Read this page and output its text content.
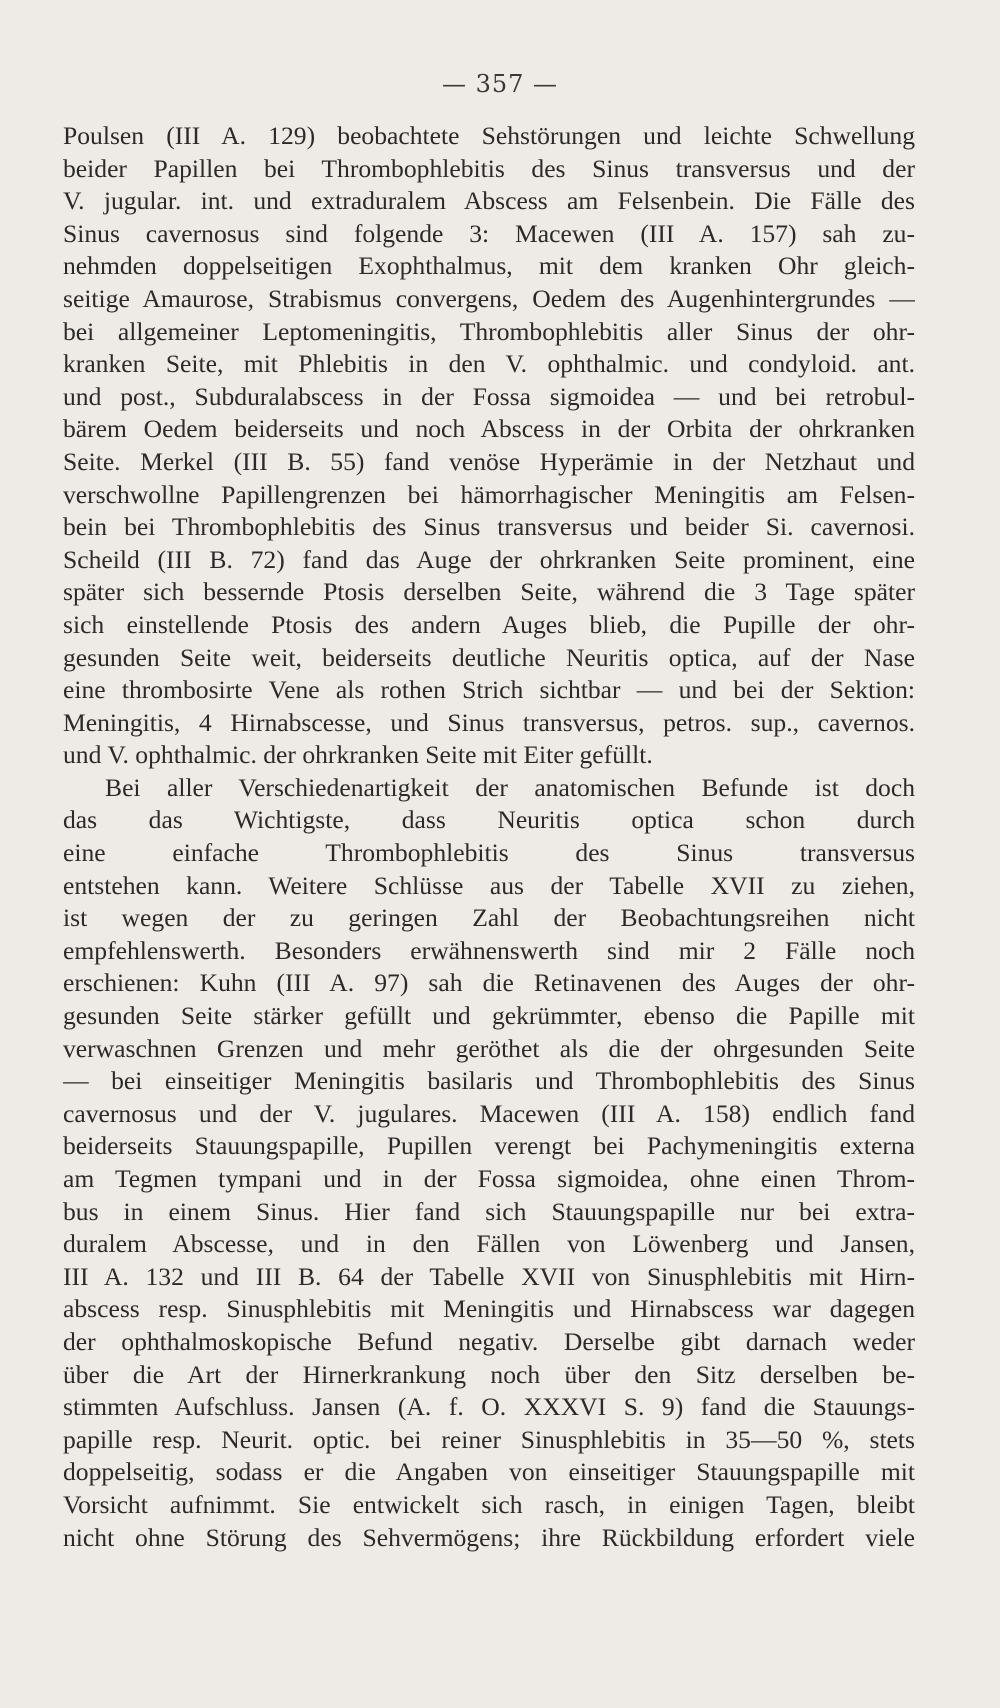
— 357 —
Poulsen (III A. 129) beobachtete Sehstörungen und leichte Schwellung
beider Papillen bei Thrombophlebitis des Sinus transversus und der
V. jugular. int. und extraduralem Abscess am Felsenbein. Die Fälle des
Sinus cavernosus sind folgende 3: Macewen (III A. 157) sah zu-
nehmden doppelseitigen Exophthalmus, mit dem kranken Ohr gleich-
seitige Amaurose, Strabismus convergens, Oedem des Augenhintergrundes —
bei allgemeiner Leptomeningitis, Thrombophlebitis aller Sinus der ohr-
kranken Seite, mit Phlebitis in den V. ophthalmic. und condyloid. ant.
und post., Subduralabscess in der Fossa sigmoidea — und bei retrobul-
bärem Oedem beiderseits und noch Abscess in der Orbita der ohrkranken
Seite. Merkel (III B. 55) fand venöse Hyperämie in der Netzhaut und
verschwollne Papillengrenzen bei hämorrhagischer Meningitis am Felsen-
bein bei Thrombophlebitis des Sinus transversus und beider Si. cavernosi.
Scheild (III B. 72) fand das Auge der ohrkranken Seite prominent, eine
später sich bessernde Ptosis derselben Seite, während die 3 Tage später
sich einstellende Ptosis des andern Auges blieb, die Pupille der ohr-
gesunden Seite weit, beiderseits deutliche Neuritis optica, auf der Nase
eine thrombosirte Vene als rothen Strich sichtbar — und bei der Sektion:
Meningitis, 4 Hirnabscesse, und Sinus transversus, petros. sup., cavernos.
und V. ophthalmic. der ohrkranken Seite mit Eiter gefüllt.
Bei aller Verschiedenartigkeit der anatomischen Befunde ist doch
das das Wichtigste, dass Neuritis optica schon durch
eine einfache Thrombophlebitis des Sinus transversus
entstehen kann. Weitere Schlüsse aus der Tabelle XVII zu ziehen,
ist wegen der zu geringen Zahl der Beobachtungsreihen nicht
empfehlenswerth. Besonders erwähnenswerth sind mir 2 Fälle noch
erschienen: Kuhn (III A. 97) sah die Retinavenen des Auges der ohr-
gesunden Seite stärker gefüllt und gekrümmter, ebenso die Papille mit
verwaschnen Grenzen und mehr geröthet als die der ohrgesunden Seite
— bei einseitiger Meningitis basilaris und Thrombophlebitis des Sinus
cavernosus und der V. jugulares. Macewen (III A. 158) endlich fand
beiderseits Stauungspapille, Pupillen verengt bei Pachymeningitis externa
am Tegmen tympani und in der Fossa sigmoidea, ohne einen Throm-
bus in einem Sinus. Hier fand sich Stauungspapille nur bei extra-
duralem Abscesse, und in den Fällen von Löwenberg und Jansen,
III A. 132 und III B. 64 der Tabelle XVII von Sinusphlebitis mit Hirn-
abscess resp. Sinusphlebitis mit Meningitis und Hirnabscess war dagegen
der ophthalmoskopische Befund negativ. Derselbe gibt darnach weder
über die Art der Hirnerkrankung noch über den Sitz derselben be-
stimmten Aufschluss. Jansen (A. f. O. XXXVI S. 9) fand die Stauungs-
papille resp. Neurit. optic. bei reiner Sinusphlebitis in 35—50 %, stets
doppelseitig, sodass er die Angaben von einseitiger Stauungspapille mit
Vorsicht aufnimmt. Sie entwickelt sich rasch, in einigen Tagen, bleibt
nicht ohne Störung des Sehvermögens; ihre Rückbildung erfordert viele
